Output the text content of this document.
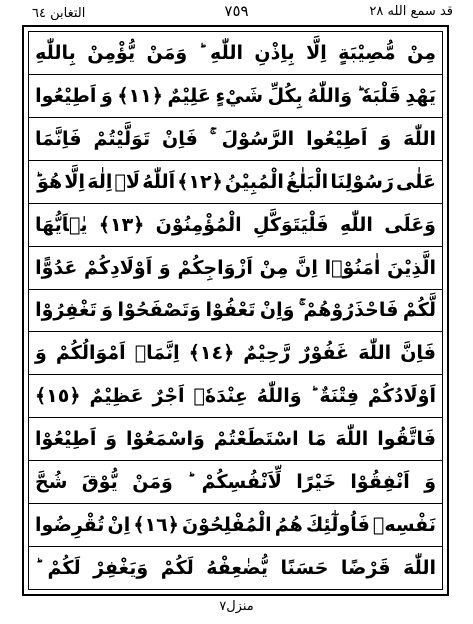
التغابن ٦٤	٧٥٩	قد سمع الله ٢٨
مِنْ
مُّصِيْبَةٍ
اِلَّا
بِاِذْنِ
اللّٰهِ
وَمَنْ
يُّؤْمِنْ
بِاللّٰهِ
يَهْدِ
قَلْبَهٗ
وَاللّٰهُ
بِكُلِّ
شَيْءٍ
عَلِيْمٌ
﴿١١﴾
وَ
اَطِيْعُوا
اللّٰهَ
وَ
اَطِيْعُوا
الرَّسُوْلَ
فَاِنْ
تَوَلَّيْتُمْ
فَاِنَّمَا
عَلٰى
رَسُوْلِنَا
الْبَلٰغُ
الْمُبِيْنُ
﴿١٢﴾
اَللّٰهُ
لَاۤ
اِلٰهَ
اِلَّا
هُوَ
وَعَلَى
اللّٰهِ
فَلْيَتَوَكَّلِ
الْمُؤْمِنُوْنَ
﴿١٣﴾
يٰۤاَيُّهَا
الَّذِيْنَ
اٰمَنُوْۤا
اِنَّ
مِنْ
اَزْوَاجِكُمْ
وَ
اَوْلَادِكُمْ
عَدُوًّا
لَّكُمْ
فَاحْذَرُوْهُمْ
وَاِنْ
تَعْفُوْا
وَتَصْفَحُوْا
وَ
تَغْفِرُوْا
فَاِنَّ
اللّٰهَ
غَفُوْرٌ
رَّحِيْمٌ
﴿١٤﴾
اِنَّمَاۤ
اَمْوَالُكُمْ
وَ
اَوْلَادُكُمْ
فِتْنَةٌ
وَاللّٰهُ
عِنْدَهٗۤ
اَجْرٌ
عَظِيْمٌ
﴿١٥﴾
فَاتَّقُوا
اللّٰهَ
مَا
اسْتَطَعْتُمْ
وَاسْمَعُوْا
وَ
اَطِيْعُوْا
وَ
اَنْفِقُوْا
خَيْرًا
لِّاَنْفُسِكُمْ
وَمَنْ
يُّوْقَ
شُحَّ
نَفْسِهٖ
فَاُولٰٓئِكَ
هُمُ
الْمُفْلِحُوْنَ
﴿١٦﴾
اِنْ
تُقْرِضُوا
اللّٰهَ
قَرْضًا
حَسَنًا
يُّضٰعِفْهُ
لَكُمْ
وَيَغْفِرْ
لَكُمْ
منزل٧
